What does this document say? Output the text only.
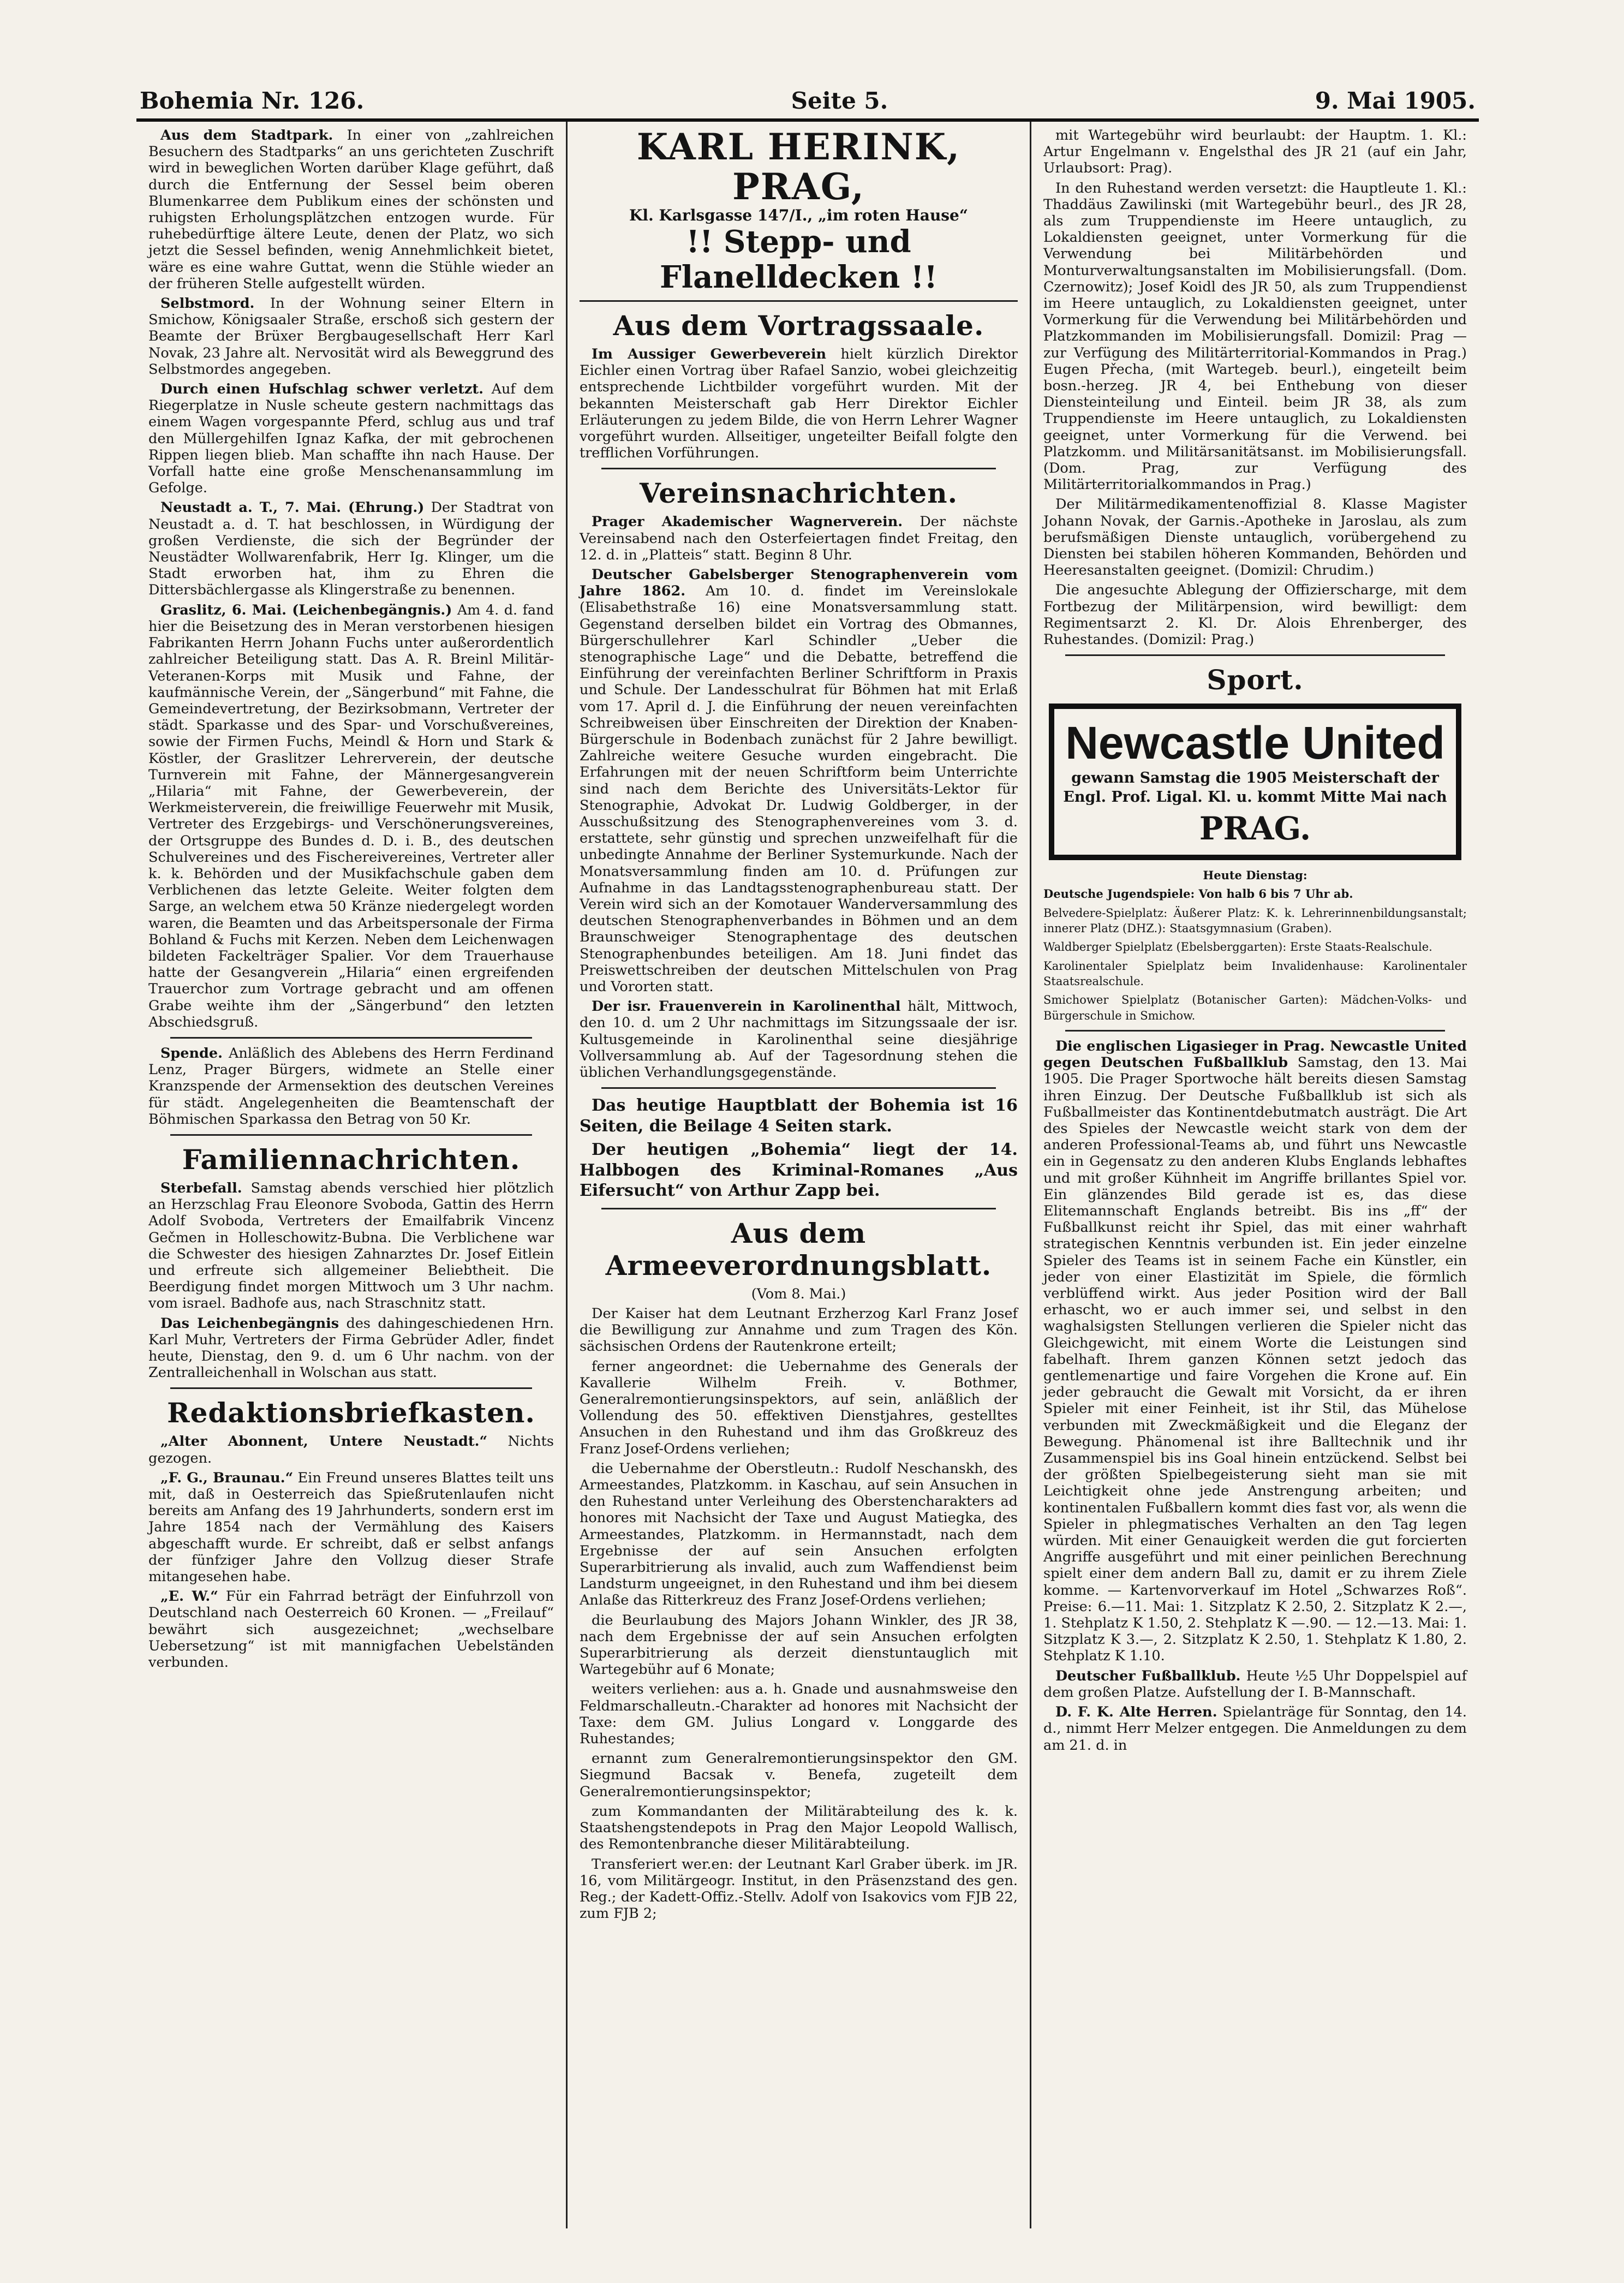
Bohemia Nr. 126.	Seite 5.	9. Mai 1905.

Aus dem Stadtpark. In einer von „zahlreichen Besuchern des Stadtparks“ an uns gerichteten Zuschrift wird in beweglichen Worten darüber Klage geführt, daß durch die Entfernung der Sessel beim oberen Blumenkarree dem Publikum eines der schönsten und ruhigsten Erholungsplätzchen entzogen wurde. Für ruhebedürftige ältere Leute, denen der Platz, wo sich jetzt die Sessel befinden, wenig Annehmlichkeit bietet, wäre es eine wahre Guttat, wenn die Stühle wieder an der früheren Stelle aufgestellt würden.

Selbstmord. In der Wohnung seiner Eltern in Smichow, Königsaaler Straße, erschoß sich gestern der Beamte der Brüxer Bergbaugesellschaft Herr Karl Novak, 23 Jahre alt. Nervosität wird als Beweggrund des Selbstmordes angegeben.

Durch einen Hufschlag schwer verletzt. Auf dem Riegerplatze in Nusle scheute gestern nachmittags das einem Wagen vorgespannte Pferd, schlug aus und traf den Müllergehilfen Ignaz Kafka, der mit gebrochenen Rippen liegen blieb. Man schaffte ihn nach Hause. Der Vorfall hatte eine große Menschenansammlung im Gefolge.

Neustadt a. T., 7. Mai. (Ehrung.) Der Stadtrat von Neustadt a. d. T. hat beschlossen, in Würdigung der großen Verdienste, die sich der Begründer der Neustädter Wollwarenfabrik, Herr Ig. Klinger, um die Stadt erworben hat, ihm zu Ehren die Dittersbächlergasse als Klingerstraße zu benennen.

Graslitz, 6. Mai. (Leichenbegängnis.) Am 4. d. fand hier die Beisetzung des in Meran verstorbenen hiesigen Fabrikanten Herrn Johann Fuchs unter außerordentlich zahlreicher Beteiligung statt. Das A. R. Breinl Militär-Veteranen-Korps mit Musik und Fahne, der kaufmännische Verein, der „Sängerbund“ mit Fahne, die Gemeindevertretung, der Bezirksobmann, Vertreter der städt. Sparkasse und des Spar- und Vorschußvereines, sowie der Firmen Fuchs, Meindl & Horn und Stark & Köstler, der Graslitzer Lehrerverein, der deutsche Turnverein mit Fahne, der Männergesangverein „Hilaria“ mit Fahne, der Gewerbeverein, der Werkmeisterverein, die freiwillige Feuerwehr mit Musik, Vertreter des Erzgebirgs- und Verschönerungsvereines, der Ortsgruppe des Bundes d. D. i. B., des deutschen Schulvereines und des Fischereivereines, Vertreter aller k. k. Behörden und der Musikfachschule gaben dem Verblichenen das letzte Geleite. Weiter folgten dem Sarge, an welchem etwa 50 Kränze niedergelegt worden waren, die Beamten und das Arbeitspersonale der Firma Bohland & Fuchs mit Kerzen. Neben dem Leichenwagen bildeten Fackelträger Spalier. Vor dem Trauerhause hatte der Gesangverein „Hilaria“ einen ergreifenden Trauerchor zum Vortrage gebracht und am offenen Grabe weihte ihm der „Sängerbund“ den letzten Abschiedsgruß.

Spende. Anläßlich des Ablebens des Herrn Ferdinand Lenz, Prager Bürgers, widmete an Stelle einer Kranzspende der Armensektion des deutschen Vereines für städt. Angelegenheiten die Beamtenschaft der Böhmischen Sparkassa den Betrag von 50 Kr.

Familiennachrichten.

Sterbefall. Samstag abends verschied hier plötzlich an Herzschlag Frau Eleonore Svoboda, Gattin des Herrn Adolf Svoboda, Vertreters der Emailfabrik Vincenz Gečmen in Holleschowitz-Bubna. Die Verblichene war die Schwester des hiesigen Zahnarztes Dr. Josef Eitlein und erfreute sich allgemeiner Beliebtheit. Die Beerdigung findet morgen Mittwoch um 3 Uhr nachm. vom israel. Badhofe aus, nach Straschnitz statt.

Das Leichenbegängnis des dahingeschiedenen Hrn. Karl Muhr, Vertreters der Firma Gebrüder Adler, findet heute, Dienstag, den 9. d. um 6 Uhr nachm. von der Zentralleichenhall in Wolschan aus statt.

Redaktionsbriefkasten.

„Alter Abonnent, Untere Neustadt.“ Nichts gezogen.

„F. G., Braunau.“ Ein Freund unseres Blattes teilt uns mit, daß in Oesterreich das Spießrutenlaufen nicht bereits am Anfang des 19 Jahrhunderts, sondern erst im Jahre 1854 nach der Vermählung des Kaisers abgeschafft wurde. Er schreibt, daß er selbst anfangs der fünfziger Jahre den Vollzug dieser Strafe mitangesehen habe.

„E. W.“ Für ein Fahrrad beträgt der Einfuhrzoll von Deutschland nach Oesterreich 60 Kronen. — „Freilauf“ bewährt sich ausgezeichnet; „wechselbare Uebersetzung“ ist mit mannigfachen Uebelständen verbunden.

KARL HERINK, PRAG,
Kl. Karlsgasse 147/I., „im roten Hause“
!! Stepp- und Flanelldecken !!
Aus dem Vortragssaale.

Im Aussiger Gewerbeverein hielt kürzlich Direktor Eichler einen Vortrag über Rafael Sanzio, wobei gleichzeitig entsprechende Lichtbilder vorgeführt wurden. Mit der bekannten Meisterschaft gab Herr Direktor Eichler Erläuterungen zu jedem Bilde, die von Herrn Lehrer Wagner vorgeführt wurden. Allseitiger, ungeteilter Beifall folgte den trefflichen Vorführungen.

Vereinsnachrichten.

Prager Akademischer Wagnerverein. Der nächste Vereinsabend nach den Osterfeiertagen findet Freitag, den 12. d. in „Platteis“ statt. Beginn 8 Uhr.

Deutscher Gabelsberger Stenographenverein vom Jahre 1862. Am 10. d. findet im Vereinslokale (Elisabethstraße 16) eine Monatsversammlung statt. Gegenstand derselben bildet ein Vortrag des Obmannes, Bürgerschullehrer Karl Schindler „Ueber die stenographische Lage“ und die Debatte, betreffend die Einführung der vereinfachten Berliner Schriftform in Praxis und Schule. Der Landesschulrat für Böhmen hat mit Erlaß vom 17. April d. J. die Einführung der neuen vereinfachten Schreibweisen über Einschreiten der Direktion der Knaben-Bürgerschule in Bodenbach zunächst für 2 Jahre bewilligt. Zahlreiche weitere Gesuche wurden eingebracht. Die Erfahrungen mit der neuen Schriftform beim Unterrichte sind nach dem Berichte des Universitäts-Lektor für Stenographie, Advokat Dr. Ludwig Goldberger, in der Ausschußsitzung des Stenographenvereines vom 3. d. erstattete, sehr günstig und sprechen unzweifelhaft für die unbedingte Annahme der Berliner Systemurkunde. Nach der Monatsversammlung finden am 10. d. Prüfungen zur Aufnahme in das Landtagsstenographenbureau statt. Der Verein wird sich an der Komotauer Wanderversammlung des deutschen Stenographenverbandes in Böhmen und an dem Braunschweiger Stenographentage des deutschen Stenographenbundes beteiligen. Am 18. Juni findet das Preiswettschreiben der deutschen Mittelschulen von Prag und Vororten statt.

Der isr. Frauenverein in Karolinenthal hält, Mittwoch, den 10. d. um 2 Uhr nachmittags im Sitzungssaale der isr. Kultusgemeinde in Karolinenthal seine diesjährige Vollversammlung ab. Auf der Tagesordnung stehen die üblichen Verhandlungsgegenstände.

Das heutige Hauptblatt der Bohemia ist 16 Seiten, die Beilage 4 Seiten stark.

Der heutigen „Bohemia“ liegt der 14. Halbbogen des Kriminal-Romanes „Aus Eifersucht“ von Arthur Zapp bei.

Aus dem Armeeverordnungsblatt.

(Vom 8. Mai.)

Der Kaiser hat dem Leutnant Erzherzog Karl Franz Josef die Bewilligung zur Annahme und zum Tragen des Kön. sächsischen Ordens der Rautenkrone erteilt;

ferner angeordnet: die Uebernahme des Generals der Kavallerie Wilhelm Freih. v. Bothmer, Generalremontierungsinspektors, auf sein, anläßlich der Vollendung des 50. effektiven Dienstjahres, gestelltes Ansuchen in den Ruhestand und ihm das Großkreuz des Franz Josef-Ordens verliehen;

die Uebernahme der Oberstleutn.: Rudolf Neschanskh, des Armeestandes, Platzkomm. in Kaschau, auf sein Ansuchen in den Ruhestand unter Verleihung des Oberstencharakters ad honores mit Nachsicht der Taxe und August Matiegka, des Armeestandes, Platzkomm. in Hermannstadt, nach dem Ergebnisse der auf sein Ansuchen erfolgten Superarbitrierung als invalid, auch zum Waffendienst beim Landsturm ungeeignet, in den Ruhestand und ihm bei diesem Anlaße das Ritterkreuz des Franz Josef-Ordens verliehen;

die Beurlaubung des Majors Johann Winkler, des JR 38, nach dem Ergebnisse der auf sein Ansuchen erfolgten Superarbitrierung als derzeit dienstuntauglich mit Wartegebühr auf 6 Monate;

weiters verliehen: aus a. h. Gnade und ausnahmsweise den Feldmarschalleutn.-Charakter ad honores mit Nachsicht der Taxe: dem GM. Julius Longard v. Longgarde des Ruhestandes;

ernannt zum Generalremontierungsinspektor den GM. Siegmund Bacsak v. Benefa, zugeteilt dem Generalremontierungsinspektor;

zum Kommandanten der Militärabteilung des k. k. Staatshengstendepots in Prag den Major Leopold Wallisch, des Remontenbranche dieser Militärabteilung.

Transferiert wer.en: der Leutnant Karl Graber überk. im JR. 16, vom Militärgeogr. Institut, in den Präsenzstand des gen. Reg.; der Kadett-Offiz.-Stellv. Adolf von Isakovics vom FJB 22, zum FJB 2;

mit Wartegebühr wird beurlaubt: der Hauptm. 1. Kl.: Artur Engelmann v. Engelsthal des JR 21 (auf ein Jahr, Urlaubsort: Prag).

In den Ruhestand werden versetzt: die Hauptleute 1. Kl.: Thaddäus Zawilinski (mit Wartegebühr beurl., des JR 28, als zum Truppendienste im Heere untauglich, zu Lokaldiensten geeignet, unter Vormerkung für die Verwendung bei Militärbehörden und Monturverwaltungsanstalten im Mobilisierungsfall. (Dom. Czernowitz); Josef Koidl des JR 50, als zum Truppendienst im Heere untauglich, zu Lokaldiensten geeignet, unter Vormerkung für die Verwendung bei Militärbehörden und Platzkommanden im Mobilisierungsfall. Domizil: Prag — zur Verfügung des Militärterritorial-Kommandos in Prag.) Eugen Přecha, (mit Wartegeb. beurl.), eingeteilt beim bosn.-herzeg. JR 4, bei Enthebung von dieser Diensteinteilung und Einteil. beim JR 38, als zum Truppendienste im Heere untauglich, zu Lokaldiensten geeignet, unter Vormerkung für die Verwend. bei Platzkomm. und Militärsanitätsanst. im Mobilisierungsfall. (Dom. Prag, zur Verfügung des Militärterritorialkommandos in Prag.)

Der Militärmedikamentenoffizial 8. Klasse Magister Johann Novak, der Garnis.-Apotheke in Jaroslau, als zum berufsmäßigen Dienste untauglich, vorübergehend zu Diensten bei stabilen höheren Kommanden, Behörden und Heeresanstalten geeignet. (Domizil: Chrudim.)

Die angesuchte Ablegung der Offizierscharge, mit dem Fortbezug der Militärpension, wird bewilligt: dem Regimentsarzt 2. Kl. Dr. Alois Ehrenberger, des Ruhestandes. (Domizil: Prag.)

Sport.
Newcastle United
gewann Samstag die 1905 Meisterschaft der Engl. Prof. Ligal. Kl. u. kommt Mitte Mai nach
PRAG.

Heute Dienstag:

Deutsche Jugendspiele: Von halb 6 bis 7 Uhr ab.

Belvedere-Spielplatz: Äußerer Platz: K. k. Lehrerinnenbildungsanstalt; innerer Platz (DHZ.): Staatsgymnasium (Graben).

Waldberger Spielplatz (Ebelsberggarten): Erste Staats-Realschule.

Karolinentaler Spielplatz beim Invalidenhause: Karolinentaler Staatsrealschule.

Smichower Spielplatz (Botanischer Garten): Mädchen-Volks- und Bürgerschule in Smichow.

Die englischen Ligasieger in Prag. Newcastle United gegen Deutschen Fußballklub Samstag, den 13. Mai 1905. Die Prager Sportwoche hält bereits diesen Samstag ihren Einzug. Der Deutsche Fußballklub ist sich als Fußballmeister das Kontinentdebutmatch austrägt. Die Art des Spieles der Newcastle weicht stark von dem der anderen Professional-Teams ab, und führt uns Newcastle ein in Gegensatz zu den anderen Klubs Englands lebhaftes und mit großer Kühnheit im Angriffe brillantes Spiel vor. Ein glänzendes Bild gerade ist es, das diese Elitemannschaft Englands betreibt. Bis ins „ff“ der Fußballkunst reicht ihr Spiel, das mit einer wahrhaft strategischen Kenntnis verbunden ist. Ein jeder einzelne Spieler des Teams ist in seinem Fache ein Künstler, ein jeder von einer Elastizität im Spiele, die förmlich verblüffend wirkt. Aus jeder Position wird der Ball erhascht, wo er auch immer sei, und selbst in den waghalsigsten Stellungen verlieren die Spieler nicht das Gleichgewicht, mit einem Worte die Leistungen sind fabelhaft. Ihrem ganzen Können setzt jedoch das gentlemenartige und faire Vorgehen die Krone auf. Ein jeder gebraucht die Gewalt mit Vorsicht, da er ihren Spieler mit einer Feinheit, ist ihr Stil, das Mühelose verbunden mit Zweckmäßigkeit und die Eleganz der Bewegung. Phänomenal ist ihre Balltechnik und ihr Zusammenspiel bis ins Goal hinein entzückend. Selbst bei der größten Spielbegeisterung sieht man sie mit Leichtigkeit ohne jede Anstrengung arbeiten; und kontinentalen Fußballern kommt dies fast vor, als wenn die Spieler in phlegmatisches Verhalten an den Tag legen würden. Mit einer Genauigkeit werden die gut forcierten Angriffe ausgeführt und mit einer peinlichen Berechnung spielt einer dem andern Ball zu, damit er zu ihrem Ziele komme. — Kartenvorverkauf im Hotel „Schwarzes Roß“. Preise: 6.—11. Mai: 1. Sitzplatz K 2.50, 2. Sitzplatz K 2.—, 1. Stehplatz K 1.50, 2. Stehplatz K —.90. — 12.—13. Mai: 1. Sitzplatz K 3.—, 2. Sitzplatz K 2.50, 1. Stehplatz K 1.80, 2. Stehplatz K 1.10.

Deutscher Fußballklub. Heute ½5 Uhr Doppelspiel auf dem großen Platze. Aufstellung der I. B-Mannschaft.

D. F. K. Alte Herren. Spielanträge für Sonntag, den 14. d., nimmt Herr Melzer entgegen. Die Anmeldungen zu dem am 21. d. in
